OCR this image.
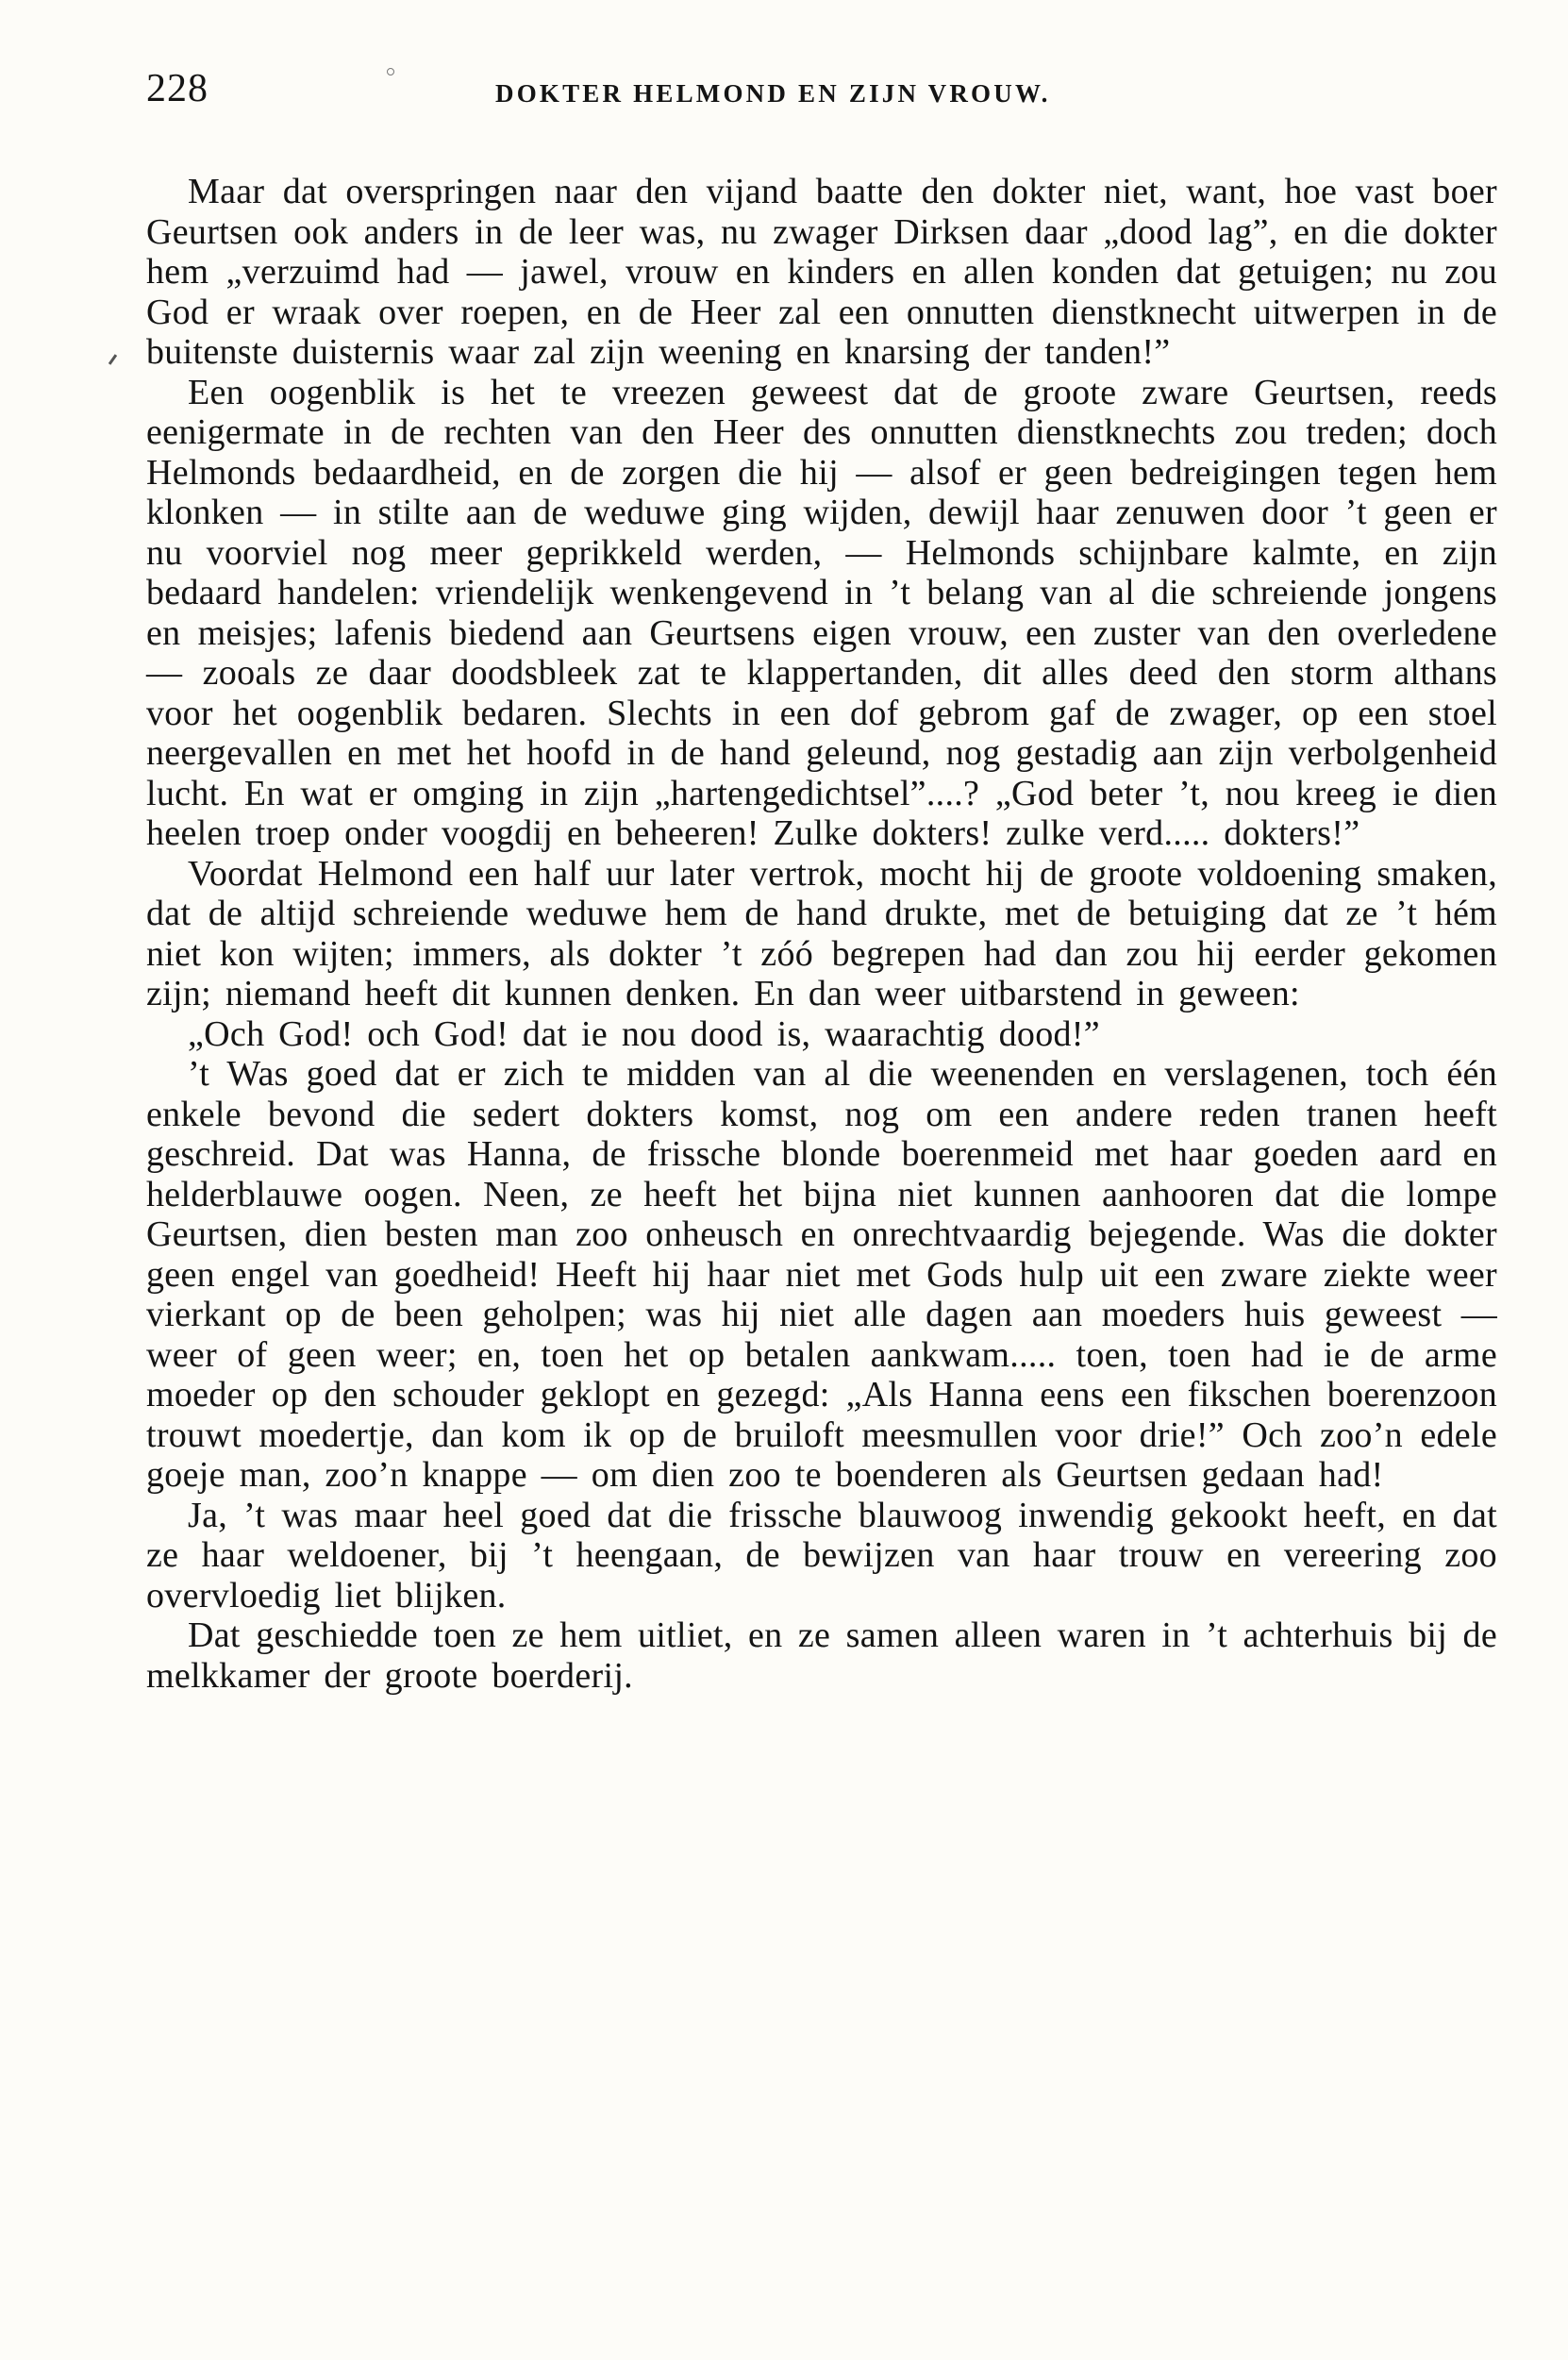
228	DOKTER HELMOND EN ZIJN VROUW.

Maar dat overspringen naar den vijand baatte den dokter niet, want, hoe vast boer Geurtsen ook anders in de leer was, nu zwager Dirksen daar „dood lag”, en die dokter hem „verzuimd had — jawel, vrouw en kinders en allen konden dat getuigen; nu zou God er wraak over roepen, en de Heer zal een onnutten dienstknecht uitwerpen in de buitenste duisternis waar zal zijn weening en knarsing der tanden!”

Een oogenblik is het te vreezen geweest dat de groote zware Geurtsen, reeds eenigermate in de rechten van den Heer des onnutten dienstknechts zou treden; doch Helmonds bedaardheid, en de zorgen die hij — alsof er geen bedreigingen tegen hem klonken — in stilte aan de weduwe ging wijden, dewijl haar zenuwen door ’t geen er nu voorviel nog meer geprikkeld werden, — Helmonds schijnbare kalmte, en zijn bedaard handelen: vriendelijk wenkengevend in ’t belang van al die schreiende jongens en meisjes; lafenis biedend aan Geurtsens eigen vrouw, een zuster van den overledene — zooals ze daar doodsbleek zat te klappertanden, dit alles deed den storm althans voor het oogenblik bedaren. Slechts in een dof gebrom gaf de zwager, op een stoel neergevallen en met het hoofd in de hand geleund, nog gestadig aan zijn verbolgenheid lucht. En wat er omging in zijn „hartengedichtsel”....? „God beter ’t, nou kreeg ie dien heelen troep onder voogdij en beheeren! Zulke dokters! zulke verd..... dokters!”

Voordat Helmond een half uur later vertrok, mocht hij de groote voldoening smaken, dat de altijd schreiende weduwe hem de hand drukte, met de betuiging dat ze ’t hém niet kon wijten; immers, als dokter ’t zóó begrepen had dan zou hij eerder gekomen zijn; niemand heeft dit kunnen denken. En dan weer uitbarstend in geween:

„Och God! och God! dat ie nou dood is, waarachtig dood!”

’t Was goed dat er zich te midden van al die weenenden en verslagenen, toch één enkele bevond die sedert dokters komst, nog om een andere reden tranen heeft geschreid. Dat was Hanna, de frissche blonde boerenmeid met haar goeden aard en helderblauwe oogen. Neen, ze heeft het bijna niet kunnen aanhooren dat die lompe Geurtsen, dien besten man zoo onheusch en onrechtvaardig bejegende. Was die dokter geen engel van goedheid! Heeft hij haar niet met Gods hulp uit een zware ziekte weer vierkant op de been geholpen; was hij niet alle dagen aan moeders huis geweest — weer of geen weer; en, toen het op betalen aankwam..... toen, toen had ie de arme moeder op den schouder geklopt en gezegd: „Als Hanna eens een fikschen boerenzoon trouwt moedertje, dan kom ik op de bruiloft meesmullen voor drie!” Och zoo’n edele goeje man, zoo’n knappe — om dien zoo te boenderen als Geurtsen gedaan had!

Ja, ’t was maar heel goed dat die frissche blauwoog inwendig gekookt heeft, en dat ze haar weldoener, bij ’t heengaan, de bewijzen van haar trouw en vereering zoo overvloedig liet blijken.

Dat geschiedde toen ze hem uitliet, en ze samen alleen waren in ’t achterhuis bij de melkkamer der groote boerderij.
